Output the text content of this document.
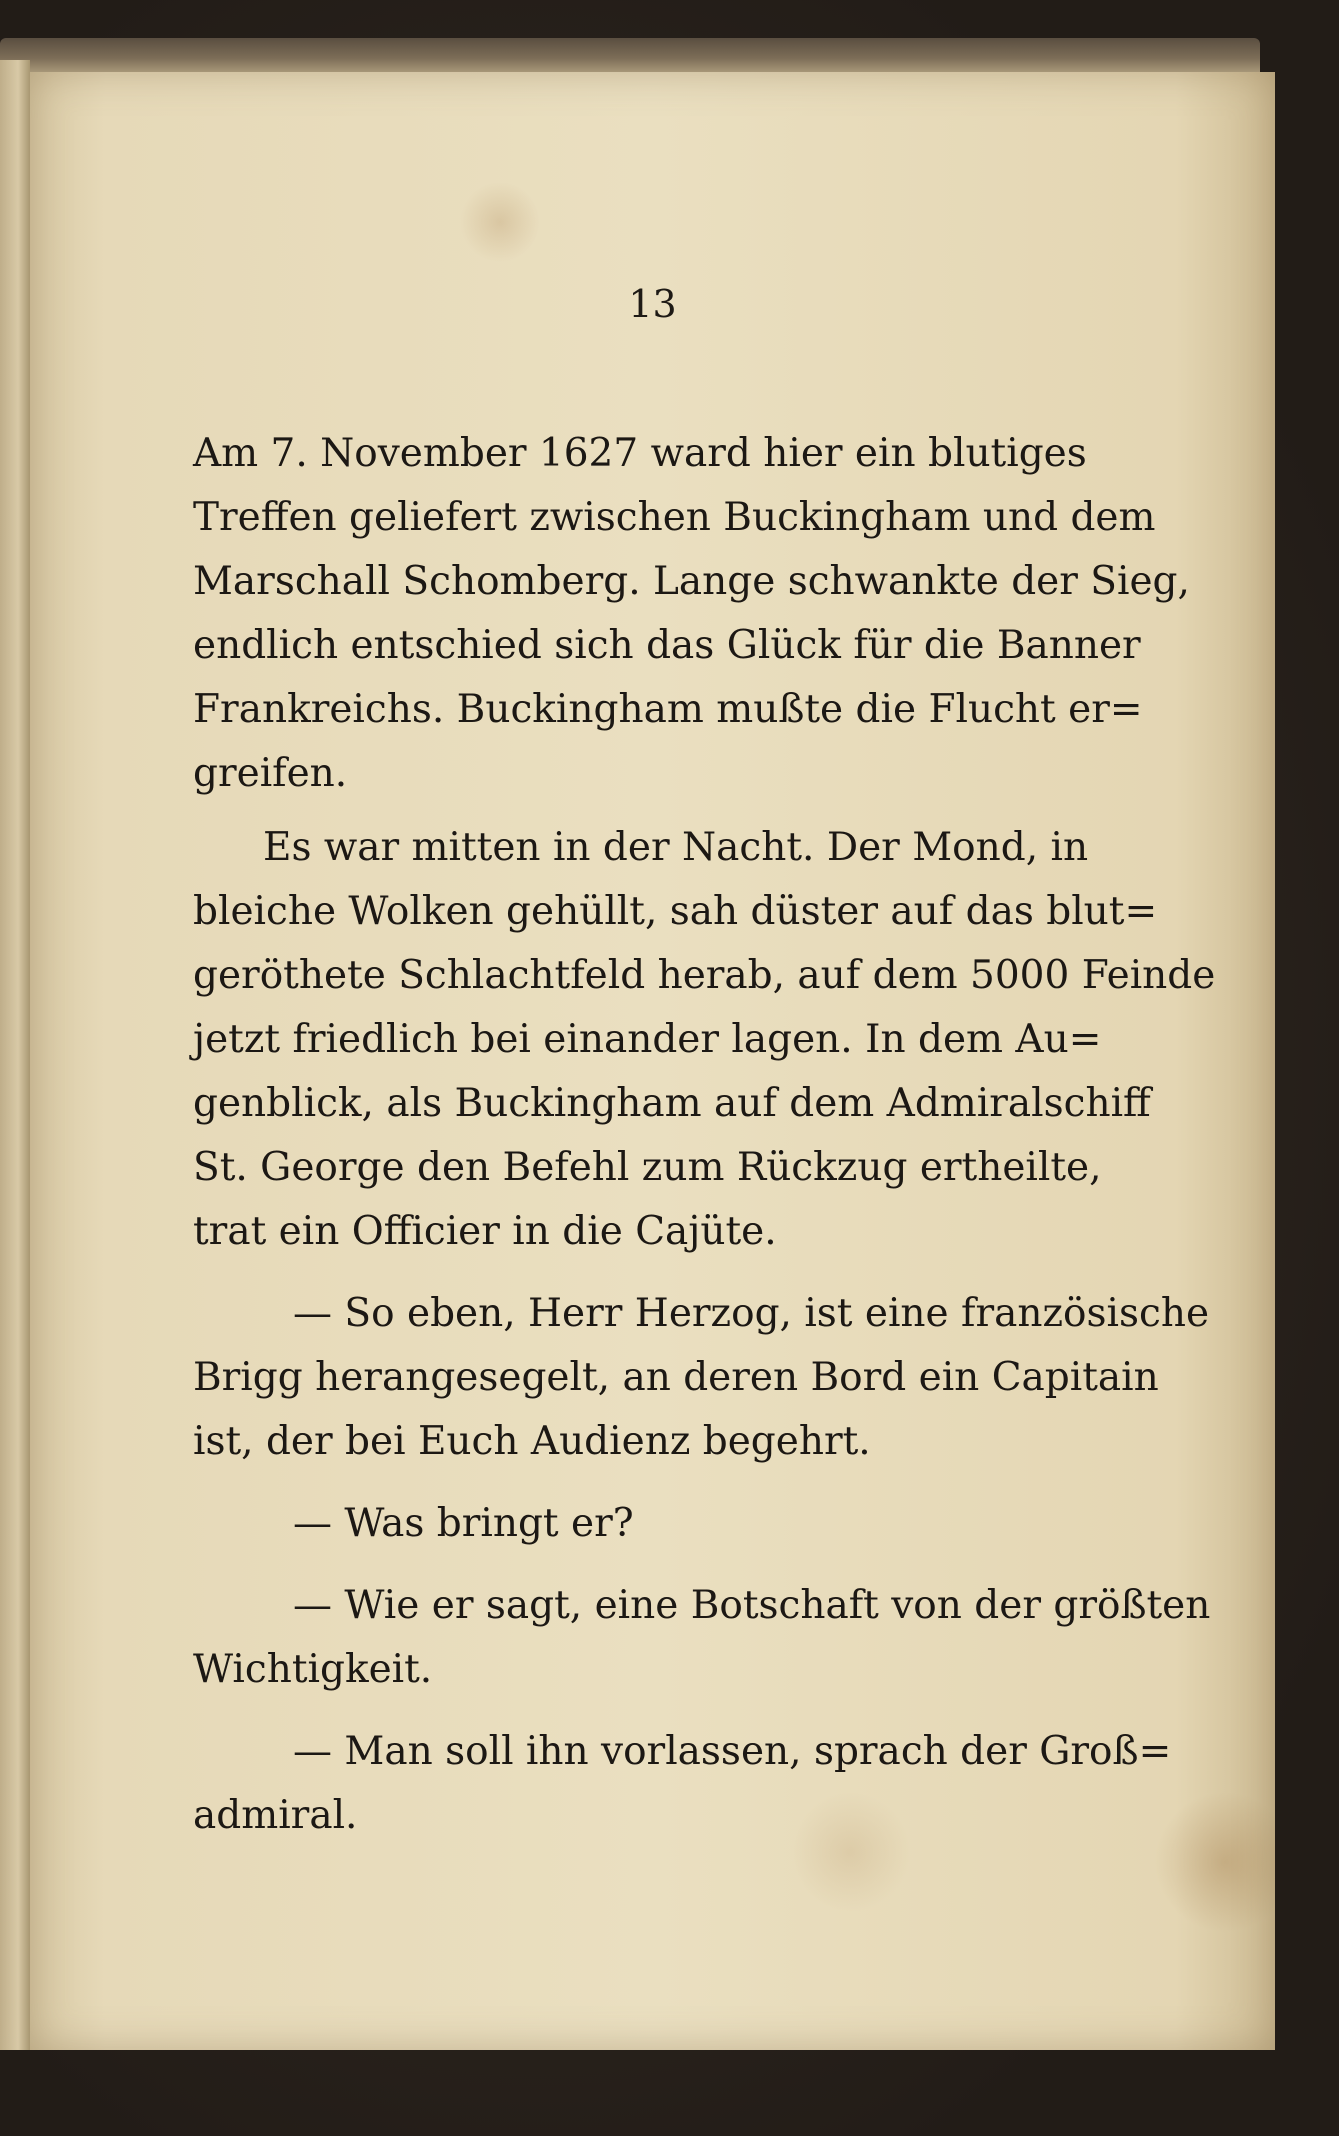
13
Am 7. November 1627 ward hier ein blutiges
Treffen geliefert zwischen Buckingham und dem
Marschall Schomberg. Lange schwankte der Sieg,
endlich entschied sich das Glück für die Banner
Frankreichs. Buckingham mußte die Flucht er=
greifen.
Es war mitten in der Nacht. Der Mond, in
bleiche Wolken gehüllt, sah düster auf das blut=
geröthete Schlachtfeld herab, auf dem 5000 Feinde
jetzt friedlich bei einander lagen. In dem Au=
genblick, als Buckingham auf dem Admiralschiff
St. George den Befehl zum Rückzug ertheilte,
trat ein Officier in die Cajüte.
— So eben, Herr Herzog, ist eine französische
Brigg herangesegelt, an deren Bord ein Capitain
ist, der bei Euch Audienz begehrt.
— Was bringt er?
— Wie er sagt, eine Botschaft von der größten
Wichtigkeit.
— Man soll ihn vorlassen, sprach der Groß=
admiral.
